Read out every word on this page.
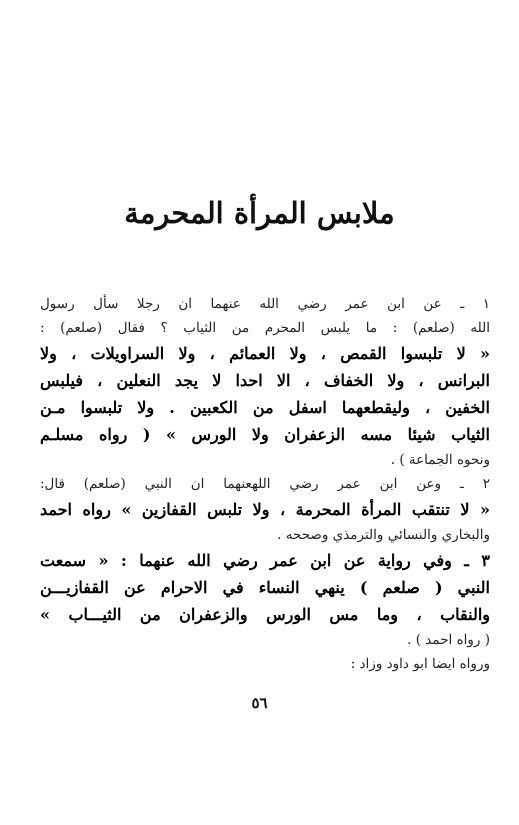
ملابس المرأة المحرمة
١ ـ عن ابن عمر رضي الله عنهما ان رجلا سأل رسول
الله (صلعم) : ما يلبس المحرم من الثياب ؟ فقال (صلعم) :
« لا تلبسوا القمص ، ولا العمائم ، ولا السراويلات ، ولا
البرانس ، ولا الخفاف ، الا احدا لا يجد النعلين ، فيلبس
الخفين ، وليقطعهما اسفل من الكعبين . ولا تلبسوا مـن
الثياب شيئا مسه الزعفران ولا الورس » ( رواه مسلـم
ونحوه الجماعة ) .
٢ ـ وعن ابن عمر رضي اللهعنهما ان النبي (صلعم) قال:
« لا تنتقب المرأة المحرمة ، ولا تلبس القفازين » رواه احمد
والبخاري والنسائي والترمذي وصححه .
٣ ـ وفي رواية عن ابن عمر رضي الله عنهما : « سمعت
النبي ( صلعم ) ينهي النساء في الاحرام عن القفازيـــن
والنقاب ، وما مس الورس والزعفران من الثيـــاب »
( رواه احمد ) .
ورواه ايضا ابو داود وزاد :
٥٦
